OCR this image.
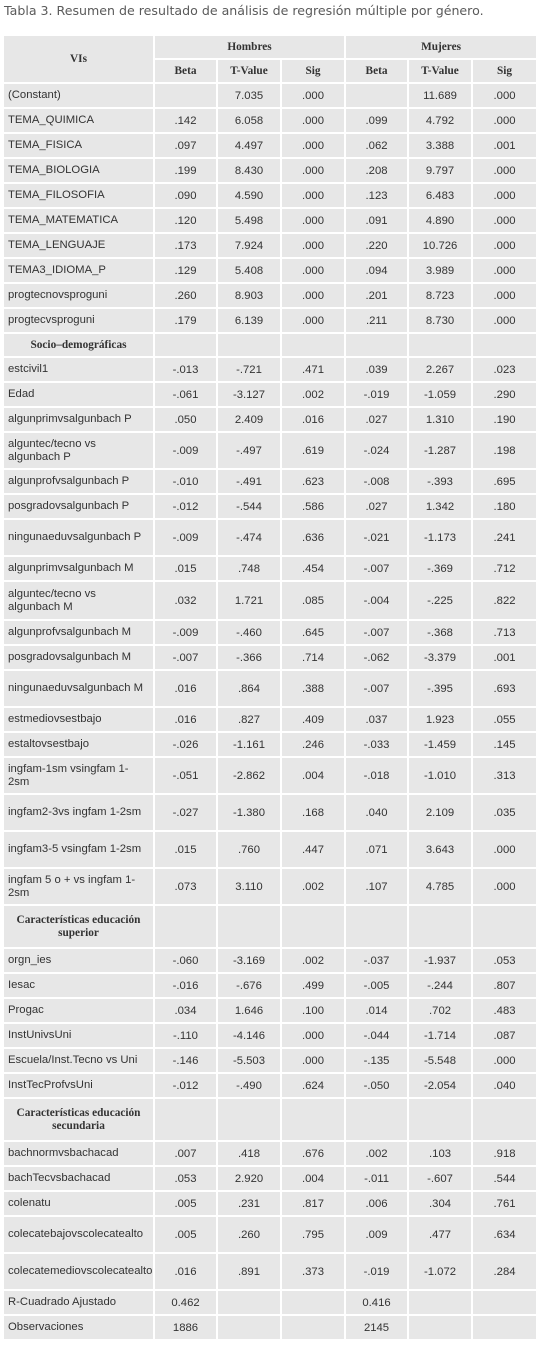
Tabla 3. Resumen de resultado de análisis de regresión múltiple por género.
VIs	Hombres			Mujeres		
	Beta	T-Value	Sig	Beta	T-Value	Sig
(Constant)		7.035	.000		11.689	.000
TEMA_QUIMICA	.142	6.058	.000	.099	4.792	.000
TEMA_FISICA	.097	4.497	.000	.062	3.388	.001
TEMA_BIOLOGIA	.199	8.430	.000	.208	9.797	.000
TEMA_FILOSOFIA	.090	4.590	.000	.123	6.483	.000
TEMA_MATEMATICA	.120	5.498	.000	.091	4.890	.000
TEMA_LENGUAJE	.173	7.924	.000	.220	10.726	.000
TEMA3_IDIOMA_P	.129	5.408	.000	.094	3.989	.000
progtecnovsproguni	.260	8.903	.000	.201	8.723	.000
progtecvsproguni	.179	6.139	.000	.211	8.730	.000
Socio–demográficas						
estcivil1	-.013	-.721	.471	.039	2.267	.023
Edad	-.061	-3.127	.002	-.019	-1.059	.290
algunprimvsalgunbach P	.050	2.409	.016	.027	1.310	.190
alguntec/tecno vs algunbach P	-.009	-.497	.619	-.024	-1.287	.198
algunprofvsalgunbach P	-.010	-.491	.623	-.008	-.393	.695
posgradovsalgunbach P	-.012	-.544	.586	.027	1.342	.180
ningunaeduvsalgunbach P	-.009	-.474	.636	-.021	-1.173	.241
algunprimvsalgunbach M	.015	.748	.454	-.007	-.369	.712
alguntec/tecno vs algunbach M	.032	1.721	.085	-.004	-.225	.822
algunprofvsalgunbach M	-.009	-.460	.645	-.007	-.368	.713
posgradovsalgunbach M	-.007	-.366	.714	-.062	-3.379	.001
ningunaeduvsalgunbach M	.016	.864	.388	-.007	-.395	.693
estmediovsestbajo	.016	.827	.409	.037	1.923	.055
estaltovsestbajo	-.026	-1.161	.246	-.033	-1.459	.145
ingfam-1sm vsingfam 1-2sm	-.051	-2.862	.004	-.018	-1.010	.313
ingfam2-3vs ingfam 1-2sm	-.027	-1.380	.168	.040	2.109	.035
ingfam3-5 vsingfam 1-2sm	.015	.760	.447	.071	3.643	.000
ingfam 5 o + vs ingfam 1-2sm	.073	3.110	.002	.107	4.785	.000
Características educación superior						
orgn_ies	-.060	-3.169	.002	-.037	-1.937	.053
Iesac	-.016	-.676	.499	-.005	-.244	.807
Progac	.034	1.646	.100	.014	.702	.483
InstUnivsUni	-.110	-4.146	.000	-.044	-1.714	.087
Escuela/Inst.Tecno vs Uni	-.146	-5.503	.000	-.135	-5.548	.000
InstTecProfvsUni	-.012	-.490	.624	-.050	-2.054	.040
Características educación secundaria						
bachnormvsbachacad	.007	.418	.676	.002	.103	.918
bachTecvsbachacad	.053	2.920	.004	-.011	-.607	.544
colenatu	.005	.231	.817	.006	.304	.761
colecatebajovscolecatealto	.005	.260	.795	.009	.477	.634
colecatemediovscolecatealto	.016	.891	.373	-.019	-1.072	.284
R-Cuadrado Ajustado	0.462			0.416		
Observaciones	1886			2145		
